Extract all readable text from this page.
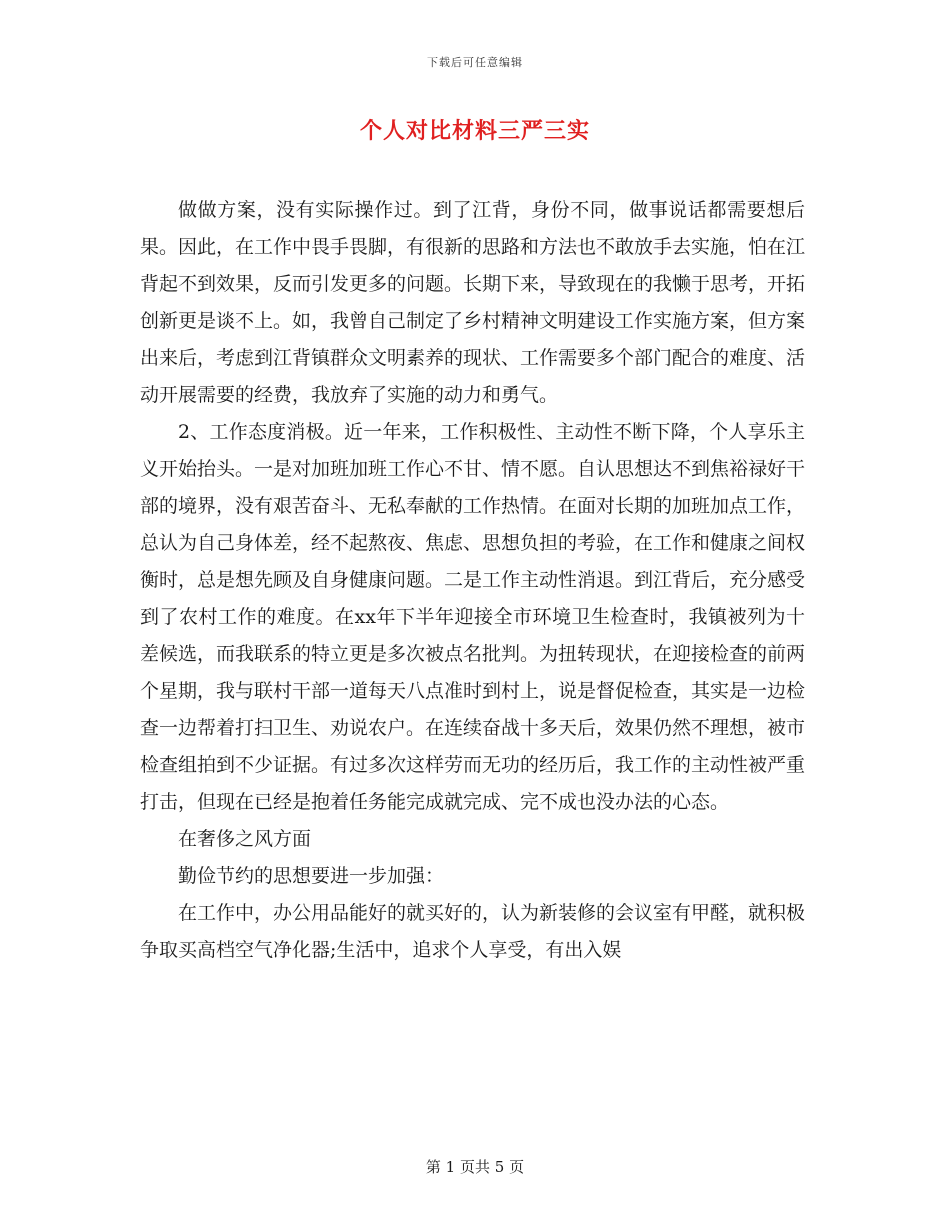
下载后可任意编辑
个人对比材料三严三实

做做方案，没有实际操作过。到了江背，身份不同，做事说话都需要想后果。因此，在工作中畏手畏脚，有很新的思路和方法也不敢放手去实施，怕在江背起不到效果，反而引发更多的问题。长期下来，导致现在的我懒于思考，开拓创新更是谈不上。如，我曾自己制定了乡村精神文明建设工作实施方案，但方案出来后，考虑到江背镇群众文明素养的现状、工作需要多个部门配合的难度、活动开展需要的经费，我放弃了实施的动力和勇气。

2、工作态度消极。近一年来，工作积极性、主动性不断下降，个人享乐主义开始抬头。一是对加班加班工作心不甘、情不愿。自认思想达不到焦裕禄好干部的境界，没有艰苦奋斗、无私奉献的工作热情。在面对长期的加班加点工作，总认为自己身体差，经不起熬夜、焦虑、思想负担的考验，在工作和健康之间权衡时，总是想先顾及自身健康问题。二是工作主动性消退。到江背后，充分感受到了农村工作的难度。在xx年下半年迎接全市环境卫生检查时，我镇被列为十差候选，而我联系的特立更是多次被点名批判。为扭转现状，在迎接检查的前两个星期，我与联村干部一道每天八点准时到村上，说是督促检查，其实是一边检查一边帮着打扫卫生、劝说农户。在连续奋战十多天后，效果仍然不理想，被市检查组拍到不少证据。有过多次这样劳而无功的经历后，我工作的主动性被严重打击，但现在已经是抱着任务能完成就完成、完不成也没办法的心态。

在奢侈之风方面

勤俭节约的思想要进一步加强：

在工作中，办公用品能好的就买好的，认为新装修的会议室有甲醛，就积极争取买高档空气净化器;生活中，追求个人享受，有出入娱

第 1 页共 5 页
